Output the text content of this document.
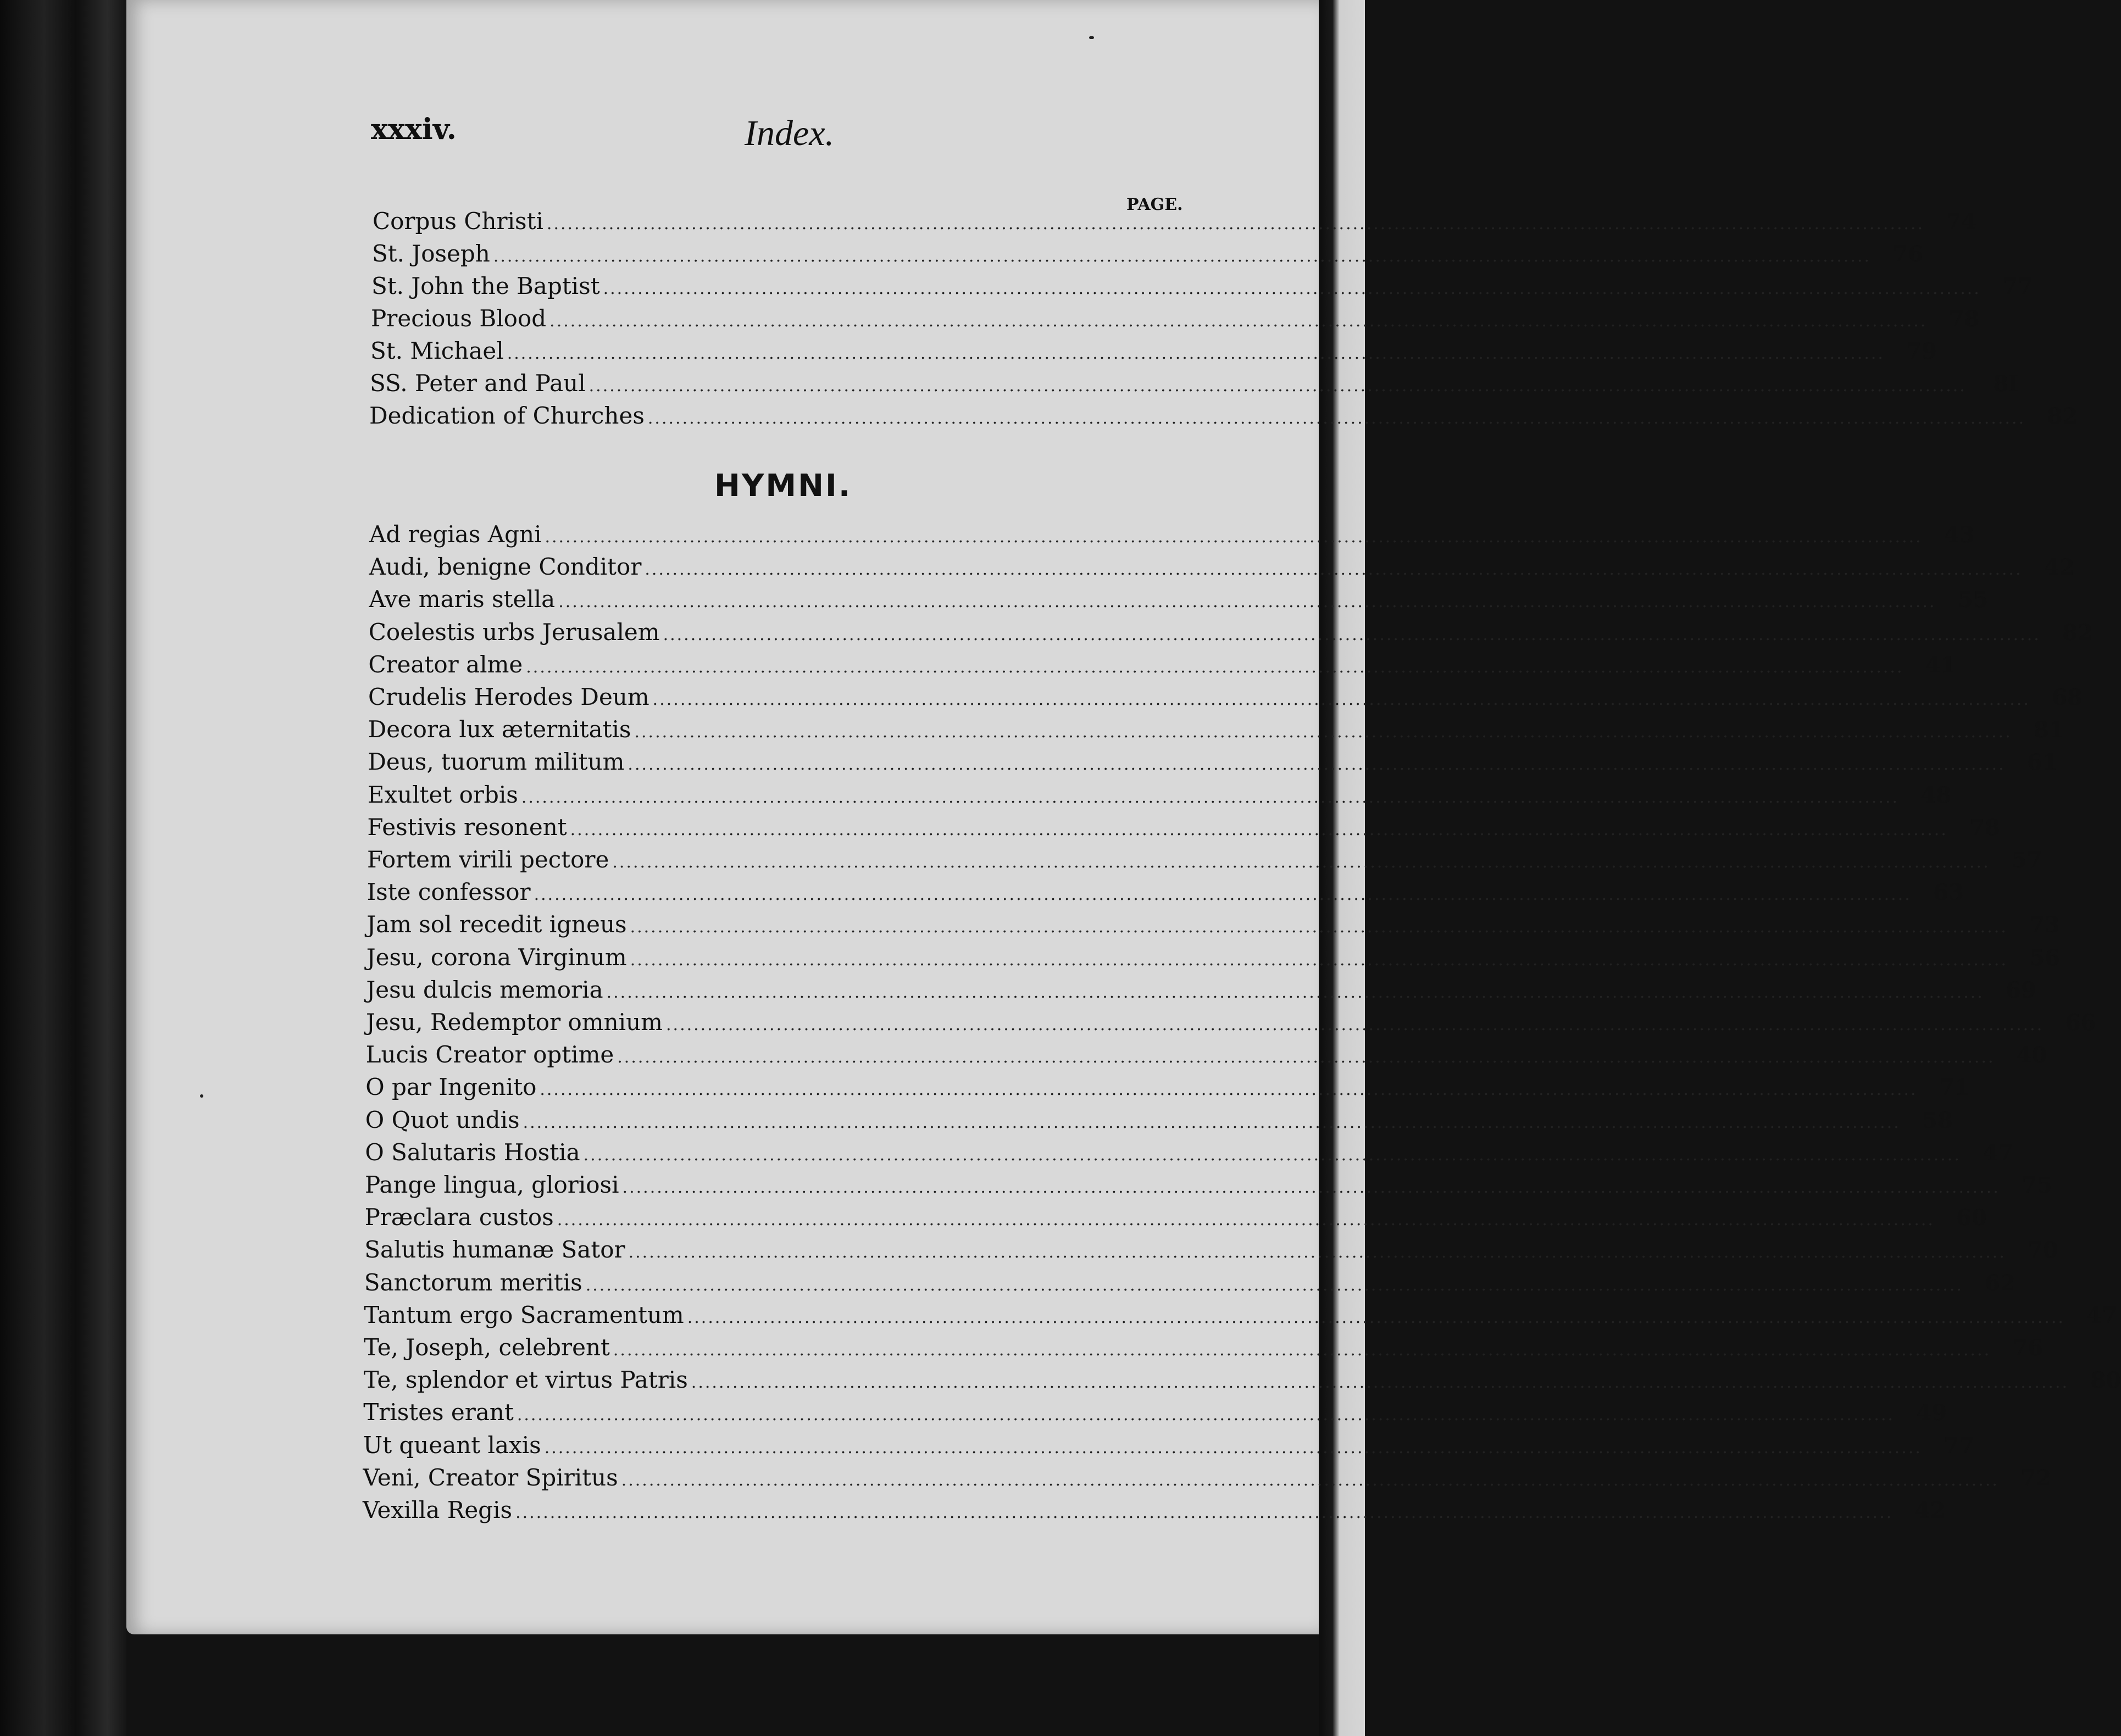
xxxiv.	Index.
PAGE.
Corpus Christi ........................................................................................................................................................................................................ 74
St. Joseph ........................................................................................................................................................................................................ 76
St. John the Baptist ........................................................................................................................................................................................................ 77
Precious Blood ........................................................................................................................................................................................................ 78
St. Michael ........................................................................................................................................................................................................ 79
SS. Peter and Paul ........................................................................................................................................................................................................	8I
Dedication of Churches ........................................................................................................................................................................................................ 82
HYMNI.
Ad regias Agni ........................................................................................................................................................................................................ 43
Audi, benigne Conditor ........................................................................................................................................................................................................ 42
Ave maris stella ........................................................................................................................................................................................................ 55
Coelestis urbs Jerusalem ........................................................................................................................................................................................................ 82
Creator alme ........................................................................................................................................................................................................ 41
Crudelis Herodes Deum ........................................................................................................................................................................................................ 68
Decora lux æternitatis ........................................................................................................................................................................................................ 81
Deus, tuorum militum ........................................................................................................................................................................................................ 61
Exultet orbis ........................................................................................................................................................................................................ 48
Festivis resonent ........................................................................................................................................................................................................ 78
Fortem virili pectore ........................................................................................................................................................................................................ 57
Iste confessor ........................................................................................................................................................................................................ 63
Jam sol recedit igneus ........................................................................................................................................................................................................ 73
Jesu, corona Virginum ........................................................................................................................................................................................................ 56
Jesu dulcis memoria ........................................................................................................................................................................................................ 69
Jesu, Redemptor omnium ........................................................................................................................................................................................................ 66
Lucis Creator optime ........................................................................................................................................................................................................ 40
O par Ingenito ........................................................................................................................................................................................................ 71
O Quot undis ........................................................................................................................................................................................................ 58
O Salutaris Hostia ........................................................................................................................................................................................................ 47
Pange lingua, gloriosi ........................................................................................................................................................................................................ 75
Præclara custos ........................................................................................................................................................................................................ 60
Salutis humanæ Sator ........................................................................................................................................................................................................ 70
Sanctorum meritis ........................................................................................................................................................................................................ 62
Tantum ergo Sacramentum ........................................................................................................................................................................................................ 47
Te, Joseph, celebrent ........................................................................................................................................................................................................ 76
Te, splendor et virtus Patris ........................................................................................................................................................................................................ 80
Tristes erant ........................................................................................................................................................................................................ 49
Ut queant laxis ........................................................................................................................................................................................................ 77
Veni, Creator Spiritus ........................................................................................................................................................................................................ 72
Vexilla Regis ........................................................................................................................................................................................................ 42
